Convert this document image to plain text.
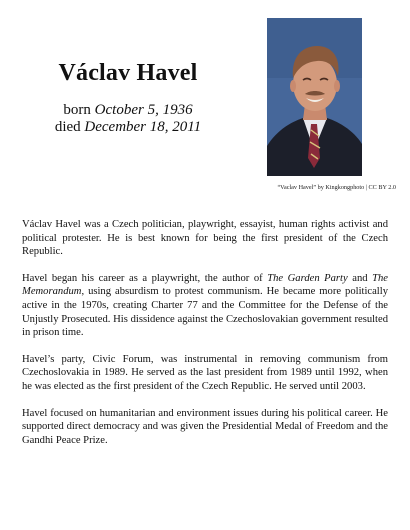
Václav Havel
born October 5, 1936
died December 18, 2011
“Vaclav Havel” by Kingkongphoto | CC BY 2.0

Václav Havel was a Czech politician, playwright, essayist, human rights activist and political protester. He is best known for being the first president of the Czech Republic.

Havel began his career as a playwright, the author of The Garden Party and The Memorandum, using absurdism to protest communism. He became more politically active in the 1970s, creating Charter 77 and the Committee for the Defense of the Unjustly Prosecuted. His dissidence against the Czechoslovakian government resulted in prison time.

Havel’s party, Civic Forum, was instrumental in removing communism from Czechoslovakia in 1989. He served as the last president from 1989 until 1992, when he was elected as the first president of the Czech Republic. He served until 2003.

Havel focused on humanitarian and environment issues during his political career. He supported direct democracy and was given the Presidential Medal of Freedom and the Gandhi Peace Prize.
